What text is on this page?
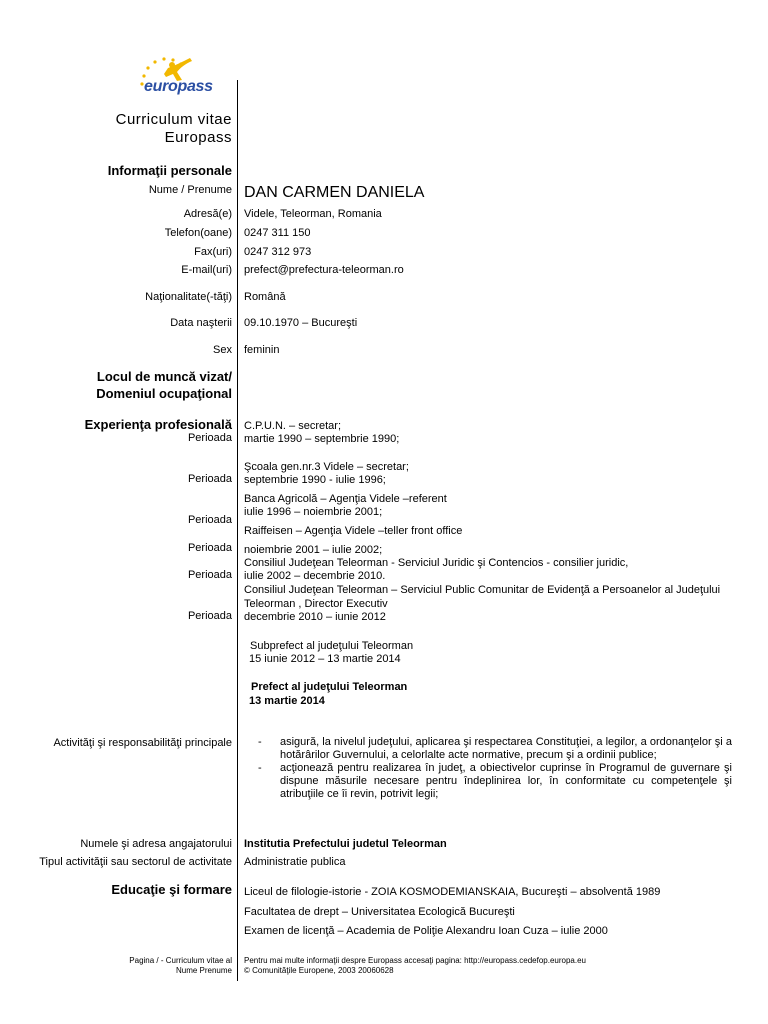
europass
Curriculum vitae
Europass
Informaţii personale
Nume / Prenume DAN CARMEN DANIELA
Adresă(e) Videle, Teleorman, Romania
Telefon(oane) 0247 311 150
Fax(uri) 0247 312 973
E-mail(uri) prefect@prefectura-teleorman.ro
Naţionalitate(-tăţi) Română
Data naşterii 09.10.1970 – Bucureşti
Sex feminin
Locul de muncă vizat/
Domeniul ocupaţional
Experienţa profesională
Perioada
Perioada
Perioada
Perioada
Perioada
Perioada
C.P.U.N. – secretar;
martie 1990 – septembrie 1990;
Şcoala gen.nr.3 Videle – secretar;
septembrie 1990 - iulie 1996;
Banca Agricolă – Agenţia Videle –referent
iulie 1996 – noiembrie 2001;
Raiffeisen – Agenţia Videle –teller front office
noiembrie 2001 – iulie 2002;
Consiliul Judeţean Teleorman - Serviciul Juridic şi Contencios - consilier juridic,
iulie 2002 – decembrie 2010.
Consiliul Judeţean Teleorman – Serviciul Public Comunitar de Evidenţă a Persoanelor al Judeţului
Teleorman , Director Executiv
decembrie 2010 – iunie 2012
Subprefect al judeţului Teleorman
15 iunie 2012 – 13 martie 2014
Prefect al judeţului Teleorman
13 martie 2014
Activităţi şi responsabilităţi principale - asigură, la nivelul judeţului, aplicarea şi respectarea Constituţiei, a legilor, a ordonanţelor şi a hotărârilor Guvernului, a celorlalte acte normative, precum şi a ordinii publice;
- acţionează pentru realizarea în judeţ, a obiectivelor cuprinse în Programul de guvernare şi dispune măsurile necesare pentru îndeplinirea lor, în conformitate cu competenţele şi atribuţiile ce îi revin, potrivit legii;
Numele şi adresa angajatorului Institutia Prefectului judetul Teleorman
Tipul activităţii sau sectorul de activitate Administratie publica
Educaţie şi formare Liceul de filologie-istorie - ZOIA KOSMODEMIANSKAIA, Bucureşti – absolventă 1989
Facultatea de drept – Universitatea Ecologică Bucureşti
Examen de licenţă – Academia de Poliţie Alexandru Ioan Cuza – iulie 2000
Pagina / - Curriculum vitae al
Nume Prenume
Pentru mai multe informaţii despre Europass accesaţi pagina: http://europass.cedefop.europa.eu
© Comunităţile Europene, 2003 20060628
